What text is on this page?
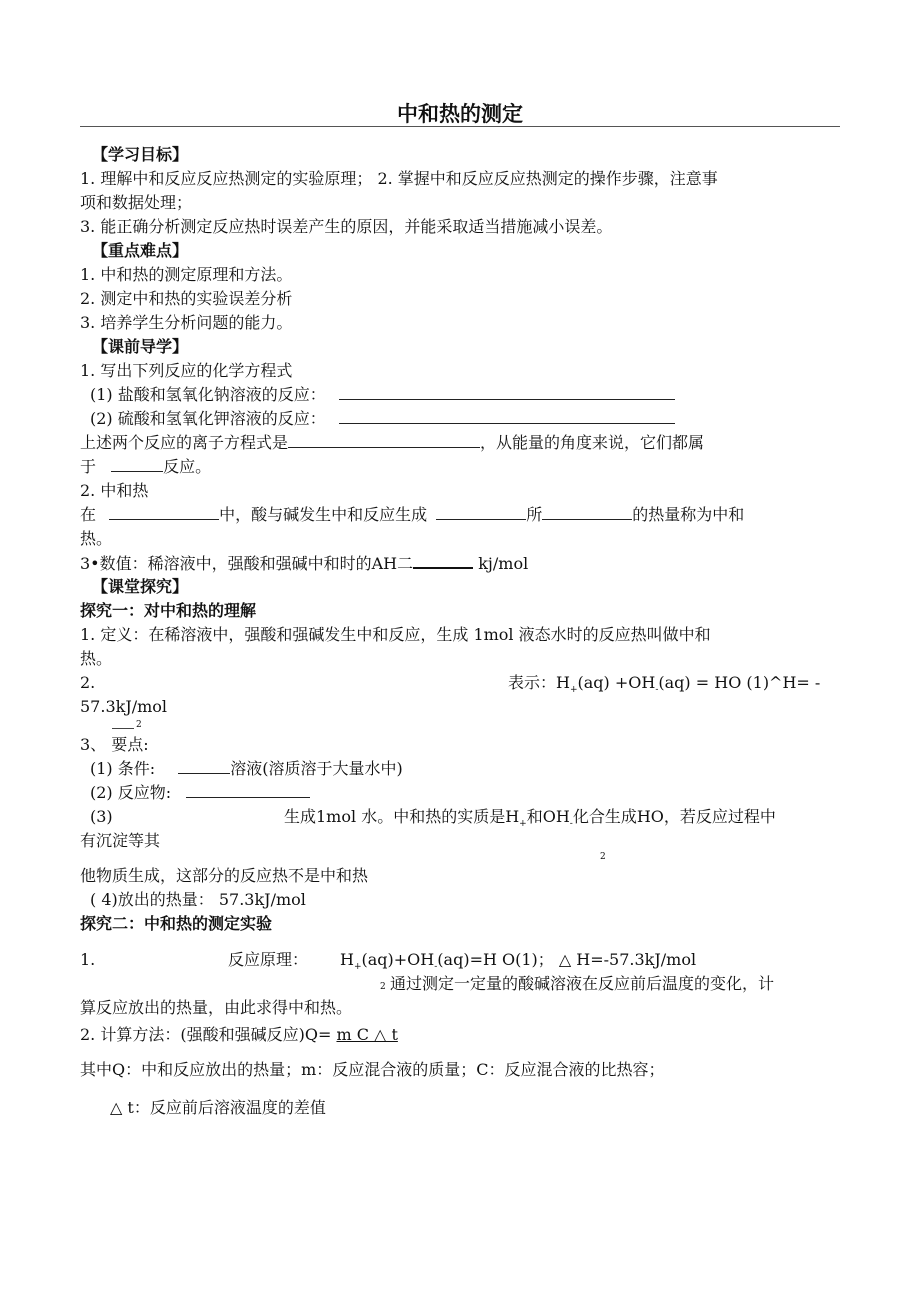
中和热的测定
【学习目标】
1. 理解中和反应反应热测定的实验原理； 2. 掌握中和反应反应热测定的操作步骤，注意事
项和数据处理；
3. 能正确分析测定反应热时误差产生的原因，并能采取适当措施减小误差。
【重点难点】
1. 中和热的测定原理和方法。
2. 测定中和热的实验误差分析
3. 培养学生分析问题的能力。
【课前导学】
1. 写出下列反应的化学方程式
(1) 盐酸和氢氧化钠溶液的反应：
(2) 硫酸和氢氧化钾溶液的反应：
上述两个反应的离子方程式是	，从能量的角度来说，它们都属
于	反应。
2. 中和热
在	中，酸与碱发生中和反应生成	所	的热量称为中和
热。
3•数值：稀溶液中，强酸和强碱中和时的AH二	kj/mol
【课堂探究】
探究一：对中和热的理解
1. 定义：在稀溶液中，强酸和强碱发生中和反应，生成 1mol 液态水时的反应热叫做中和
热。
2.	表示：$H_+(aq) +OH_-(aq)$ = HO (1)^H= -
57.3kJ/mol
2
3、 要点:
(1) 条件:	溶液(溶质溶于大量水中)
(2) 反应物:
(3)	生成1mol 水。中和热的实质是$H_+$和$OH_-$化合生成HO，若反应过程中
有沉淀等其
2
他物质生成，这部分的反应热不是中和热
( 4)放出的热量： 57.3kJ/mol
探究二：中和热的测定实验
1.	反应原理： $H_+(aq)+OH_-(aq)=H$ O(1)； △ H=-57.3kJ/mol
2 通过测定一定量的酸碱溶液在反应前后温度的变化，计
算反应放出的热量，由此求得中和热。
2. 计算方法：(强酸和强碱反应)Q= m C △ t
其中Q：中和反应放出的热量；m：反应混合液的质量；C：反应混合液的比热容；
△ t：反应前后溶液温度的差值
